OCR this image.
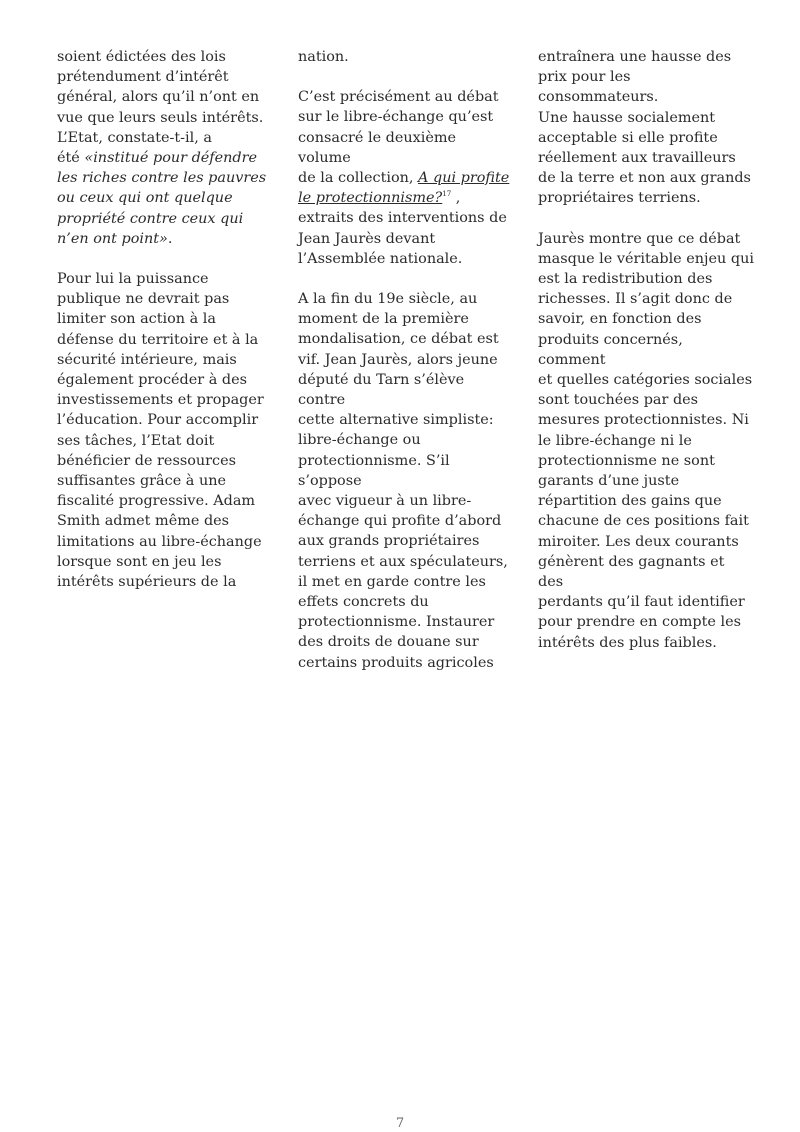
soient édictées des lois
prétendument d’intérêt
général, alors qu’il n’ont en
vue que leurs seuls intérêts.
L’Etat, constate-t-il, a
été «institué pour défendre
les riches contre les pauvres
ou ceux qui ont quelque
propriété contre ceux qui
n’en ont point».

Pour lui la puissance
publique ne devrait pas
limiter son action à la
défense du territoire et à la
sécurité intérieure, mais
également procéder à des
investissements et propager
l’éducation. Pour accomplir
ses tâches, l’Etat doit
bénéficier de ressources
suffisantes grâce à une
fiscalité progressive. Adam
Smith admet même des
limitations au libre-échange
lorsque sont en jeu les
intérêts supérieurs de la

nation.

C’est précisément au débat
sur le libre-échange qu’est
consacré le deuxième volume
de la collection, A qui profite
le protectionnisme?$^{17}$ ,
extraits des interventions de
Jean Jaurès devant
l’Assemblée nationale.

A la fin du 19e siècle, au
moment de la première
mondalisation, ce débat est
vif. Jean Jaurès, alors jeune
député du Tarn s’élève contre
cette alternative simpliste:
libre-échange ou
protectionnisme. S’il s’oppose
avec vigueur à un libre-
échange qui profite d’abord
aux grands propriétaires
terriens et aux spéculateurs,
il met en garde contre les
effets concrets du
protectionnisme. Instaurer
des droits de douane sur
certains produits agricoles

entraînera une hausse des
prix pour les consommateurs.
Une hausse socialement
acceptable si elle profite
réellement aux travailleurs
de la terre et non aux grands
propriétaires terriens.

Jaurès montre que ce débat
masque le véritable enjeu qui
est la redistribution des
richesses. Il s’agit donc de
savoir, en fonction des
produits concernés, comment
et quelles catégories sociales
sont touchées par des
mesures protectionnistes. Ni
le libre-échange ni le
protectionnisme ne sont
garants d’une juste
répartition des gains que
chacune de ces positions fait
miroiter. Les deux courants
génèrent des gagnants et des
perdants qu’il faut identifier
pour prendre en compte les
intérêts des plus faibles.

7
